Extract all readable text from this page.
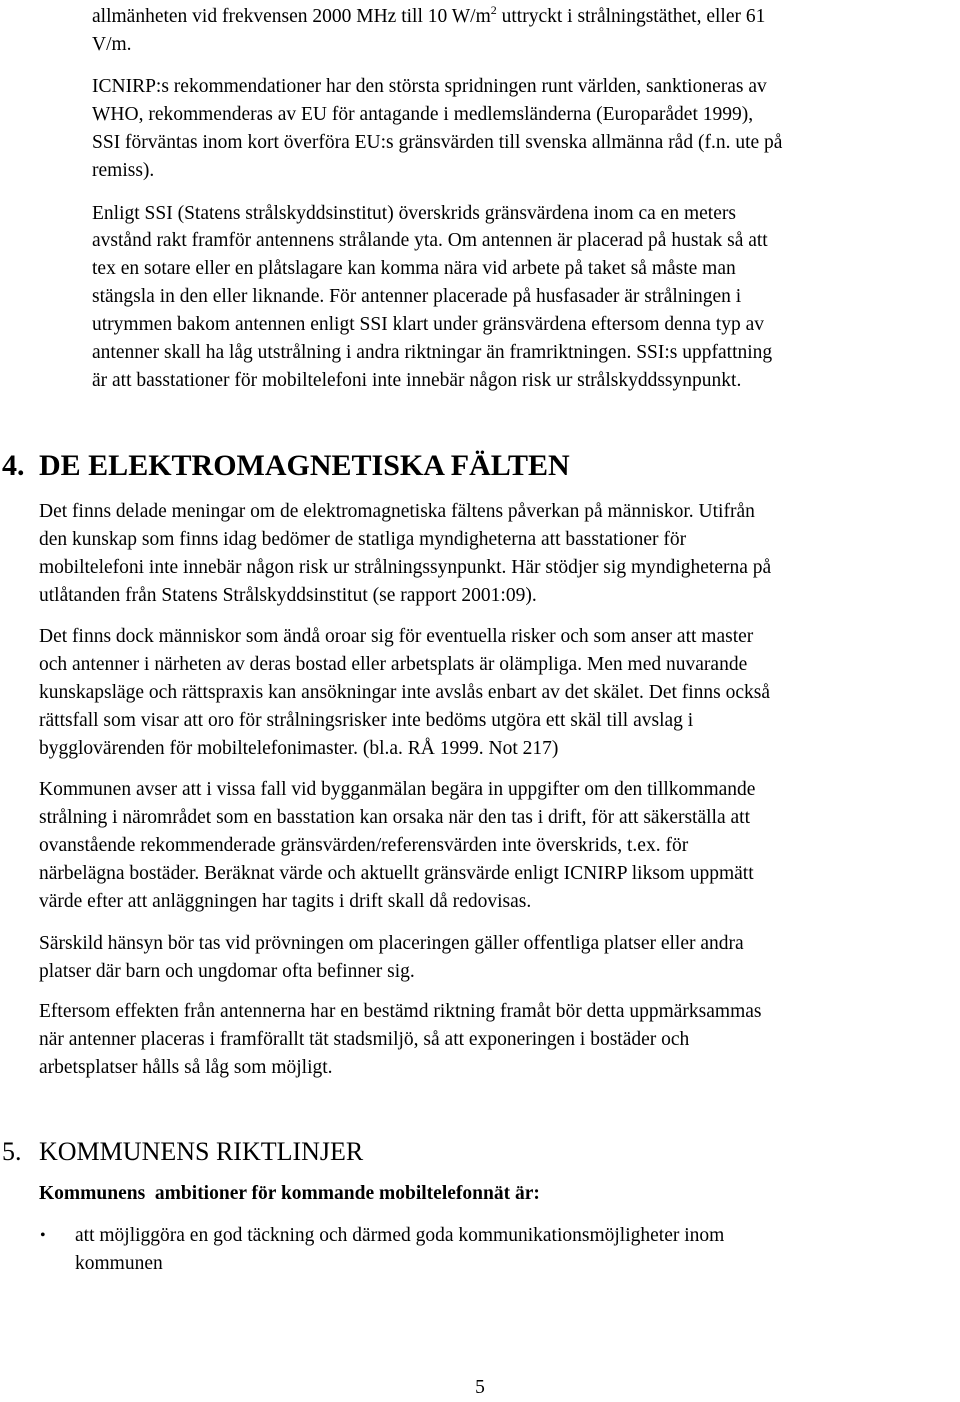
allmänheten vid frekvensen 2000 MHz till 10 $W/m^2$ uttryckt i strålningstäthet, eller 61

V/m.

ICNIRP:s rekommendationer har den största spridningen runt världen, sanktioneras av

WHO, rekommenderas av EU för antagande i medlemsländerna (Europarådet 1999),

SSI förväntas inom kort överföra EU:s gränsvärden till svenska allmänna råd (f.n. ute på

remiss).

Enligt SSI (Statens strålskyddsinstitut) överskrids gränsvärdena inom ca en meters

avstånd rakt framför antennens strålande yta. Om antennen är placerad på hustak så att

tex en sotare eller en plåtslagare kan komma nära vid arbete på taket så måste man

stängsla in den eller liknande. För antenner placerade på husfasader är strålningen i

utrymmen bakom antennen enligt SSI klart under gränsvärdena eftersom denna typ av

antenner skall ha låg utstrålning i andra riktningar än framriktningen. SSI:s uppfattning

är att basstationer för mobiltelefoni inte innebär någon risk ur strålskyddssynpunkt.

4. DE ELEKTROMAGNETISKA FÄLTEN

Det finns delade meningar om de elektromagnetiska fältens påverkan på människor. Utifrån

den kunskap som finns idag bedömer de statliga myndigheterna att basstationer för

mobiltelefoni inte innebär någon risk ur strålningssynpunkt. Här stödjer sig myndigheterna på

utlåtanden från Statens Strålskyddsinstitut (se rapport 2001:09).

Det finns dock människor som ändå oroar sig för eventuella risker och som anser att master

och antenner i närheten av deras bostad eller arbetsplats är olämpliga. Men med nuvarande

kunskapsläge och rättspraxis kan ansökningar inte avslås enbart av det skälet. Det finns också

rättsfall som visar att oro för strålningsrisker inte bedöms utgöra ett skäl till avslag i

bygglovärenden för mobiltelefonimaster. (bl.a. RÅ 1999. Not 217)

Kommunen avser att i vissa fall vid bygganmälan begära in uppgifter om den tillkommande

strålning i närområdet som en basstation kan orsaka när den tas i drift, för att säkerställa att

ovanstående rekommenderade gränsvärden/referensvärden inte överskrids, t.ex. för

närbelägna bostäder. Beräknat värde och aktuellt gränsvärde enligt ICNIRP liksom uppmätt

värde efter att anläggningen har tagits i drift skall då redovisas.

Särskild hänsyn bör tas vid prövningen om placeringen gäller offentliga platser eller andra

platser där barn och ungdomar ofta befinner sig.

Eftersom effekten från antennerna har en bestämd riktning framåt bör detta uppmärksammas

när antenner placeras i framförallt tät stadsmiljö, så att exponeringen i bostäder och

arbetsplatser hålls så låg som möjligt.

5. KOMMUNENS RIKTLINJER

Kommunens  ambitioner för kommande mobiltelefonnät är:

• att möjliggöra en god täckning och därmed goda kommunikationsmöjligheter inom

kommunen

5
